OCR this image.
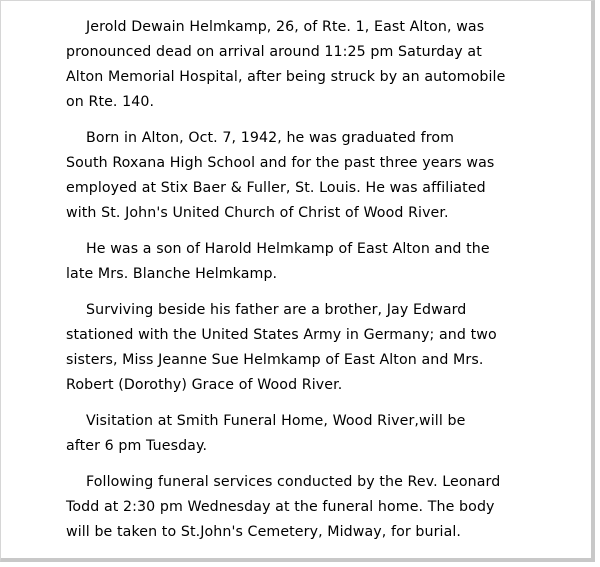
Jerold Dewain Helmkamp, 26, of Rte. 1, East Alton, was
pronounced dead on arrival around 11:25 pm Saturday at
Alton Memorial Hospital, after being struck by an automobile
on Rte. 140.
Born in Alton, Oct. 7, 1942, he was graduated from
South Roxana High School and for the past three years was
employed at Stix Baer & Fuller, St. Louis. He was affiliated
with St. John's United Church of Christ of Wood River.
He was a son of Harold Helmkamp of East Alton and the
late Mrs. Blanche Helmkamp.
Surviving beside his father are a brother, Jay Edward
stationed with the United States Army in Germany; and two
sisters, Miss Jeanne Sue Helmkamp of East Alton and Mrs.
Robert (Dorothy) Grace of Wood River.
Visitation at Smith Funeral Home, Wood River,will be
after 6 pm Tuesday.
Following funeral services conducted by the Rev. Leonard
Todd at 2:30 pm Wednesday at the funeral home. The body
will be taken to St.John's Cemetery, Midway, for burial.
